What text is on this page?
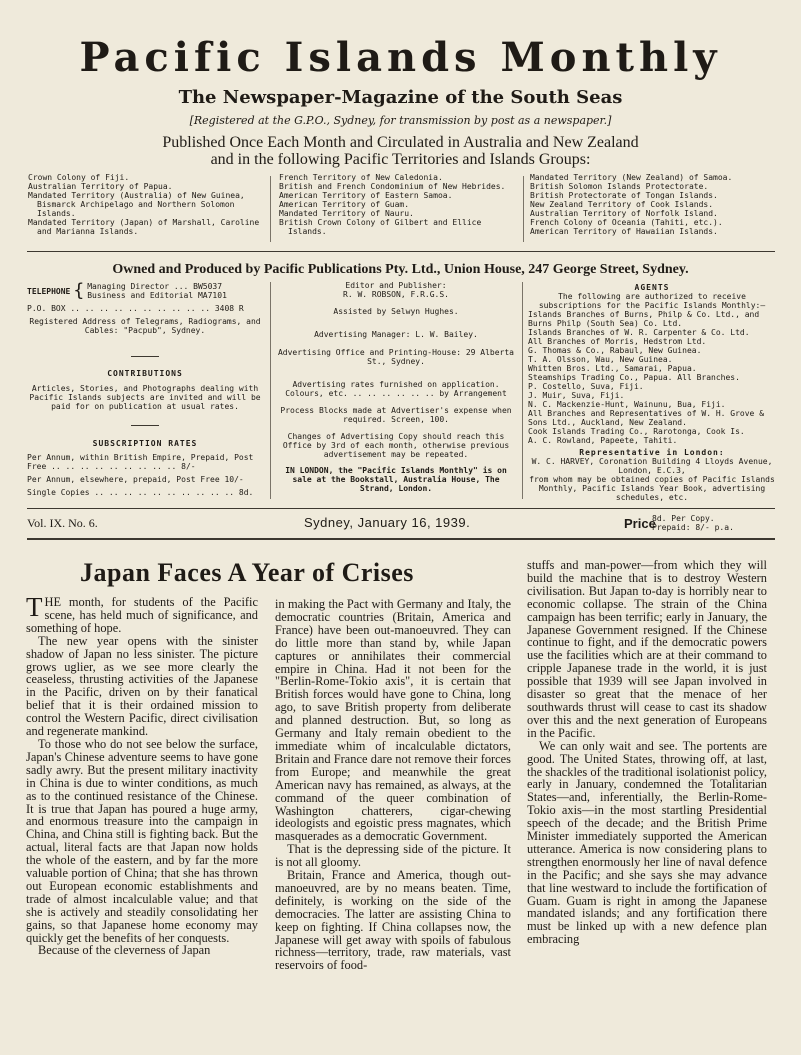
Pacific Islands Monthly
The Newspaper-Magazine of the South Seas
[Registered at the G.P.O., Sydney, for transmission by post as a newspaper.]
Published Once Each Month and Circulated in Australia and New Zealand
and in the following Pacific Territories and Islands Groups:
Crown Colony of Fiji.
Australian Territory of Papua.
Mandated Territory (Australia) of New Guinea, Bismarck Archipelago and Northern Solomon Islands.
Mandated Territory (Japan) of Marshall, Caroline and Marianna Islands.
French Territory of New Caledonia.
British and French Condominium of New Hebrides.
American Territory of Eastern Samoa.
American Territory of Guam.
Mandated Territory of Nauru.
British Crown Colony of Gilbert and Ellice Islands.
Mandated Territory (New Zealand) of Samoa.
British Solomon Islands Protectorate.
British Protectorate of Tongan Islands.
New Zealand Territory of Cook Islands.
Australian Territory of Norfolk Island.
French Colony of Oceania (Tahiti, etc.).
American Territory of Hawaiian Islands.
Owned and Produced by Pacific Publications Pty. Ltd., Union House, 247 George Street, Sydney.
TELEPHONE { Managing Director ... BW5037
Business and Editorial MA7101
P.O. BOX .. .. .. .. .. .. .. .. .. .. 3408 R
Registered Address of Telegrams, Radiograms, and Cables: "Pacpub", Sydney.
CONTRIBUTIONS
Articles, Stories, and Photographs dealing with Pacific Islands subjects are invited and will be paid for on publication at usual rates.
SUBSCRIPTION RATES
Per Annum, within British Empire, Prepaid, Post Free .. .. .. .. .. .. .. .. .. 8/-
Per Annum, elsewhere, prepaid, Post Free 10/-
Single Copies .. .. .. .. .. .. .. .. .. .. 8d.
Editor and Publisher:
R. W. ROBSON, F.R.G.S.
Assisted by Selwyn Hughes.
Advertising Manager: L. W. Bailey.
Advertising Office and Printing-House: 29 Alberta St., Sydney.
Advertising rates furnished on application.
Colours, etc. .. .. .. .. .. .. by Arrangement
Process Blocks made at Advertiser's expense when required. Screen, 100.
Changes of Advertising Copy should reach this Office by 3rd of each month, otherwise previous advertisement may be repeated.
IN LONDON, the "Pacific Islands Monthly" is on sale at the Bookstall, Australia House, The Strand, London.
AGENTS
The following are authorized to receive subscriptions for the Pacific Islands Monthly:—
Islands Branches of Burns, Philp & Co. Ltd., and Burns Philp (South Sea) Co. Ltd.
Islands Branches of W. R. Carpenter & Co. Ltd.
All Branches of Morris, Hedstrom Ltd.
G. Thomas & Co., Rabaul, New Guinea.
T. A. Olsson, Wau, New Guinea.
Whitten Bros. Ltd., Samarai, Papua.
Steamships Trading Co., Papua. All Branches.
P. Costello, Suva, Fiji.
J. Muir, Suva, Fiji.
N. C. Mackenzie-Hunt, Wainunu, Bua, Fiji.
All Branches and Representatives of W. H. Grove & Sons Ltd., Auckland, New Zealand.
Cook Islands Trading Co., Rarotonga, Cook Is.
A. C. Rowland, Papeete, Tahiti.
Representative in London:
W. C. HARVEY, Coronation Building 4 Lloyds Avenue, London, E.C.3,
from whom may be obtained copies of Pacific Islands Monthly, Pacific Islands Year Book, advertising schedules, etc.
Vol. IX. No. 6.	Sydney, January 16, 1939.	Price
8d. Per Copy.
Prepaid: 8/- p.a.
Japan Faces A Year of Crises

THE month, for students of the Pacific scene, has held much of significance, and something of hope.

The new year opens with the sinister shadow of Japan no less sinister. The picture grows uglier, as we see more clearly the ceaseless, thrusting activities of the Japanese in the Pacific, driven on by their fanatical belief that it is their ordained mission to control the Western Pacific, direct civilisation and regenerate mankind.

To those who do not see below the surface, Japan's Chinese adventure seems to have gone sadly awry. But the present military inactivity in China is due to winter conditions, as much as to the continued resistance of the Chinese. It is true that Japan has poured a huge army, and enormous treasure into the campaign in China, and China still is fighting back. But the actual, literal facts are that Japan now holds the whole of the eastern, and by far the more valuable portion of China; that she has thrown out European economic establishments and trade of almost incalculable value; and that she is actively and steadily consolidating her gains, so that Japanese home economy may quickly get the benefits of her conquests.

Because of the cleverness of Japan

in making the Pact with Germany and Italy, the democratic countries (Britain, America and France) have been out-manoeuvred. They can do little more than stand by, while Japan captures or annihilates their commercial empire in China. Had it not been for the "Berlin-Rome-Tokio axis", it is certain that British forces would have gone to China, long ago, to save British property from deliberate and planned destruction. But, so long as Germany and Italy remain obedient to the immediate whim of incalculable dictators, Britain and France dare not remove their forces from Europe; and meanwhile the great American navy has remained, as always, at the command of the queer combination of Washington chatterers, cigar-chewing ideologists and egoistic press magnates, which masquerades as a democratic Government.

That is the depressing side of the picture. It is not all gloomy.

Britain, France and America, though out-manoeuvred, are by no means beaten. Time, definitely, is working on the side of the democracies. The latter are assisting China to keep on fighting. If China collapses now, the Japanese will get away with spoils of fabulous richness—territory, trade, raw materials, vast reservoirs of food-

stuffs and man-power—from which they will build the machine that is to destroy Western civilisation. But Japan to-day is horribly near to economic collapse. The strain of the China campaign has been terrific; early in January, the Japanese Government resigned. If the Chinese continue to fight, and if the democratic powers use the facilities which are at their command to cripple Japanese trade in the world, it is just possible that 1939 will see Japan involved in disaster so great that the menace of her southwards thrust will cease to cast its shadow over this and the next generation of Europeans in the Pacific.

We can only wait and see. The portents are good. The United States, throwing off, at last, the shackles of the traditional isolationist policy, early in January, condemned the Totalitarian States—and, inferentially, the Berlin-Rome-Tokio axis—in the most startling Presidential speech of the decade; and the British Prime Minister immediately supported the American utterance. America is now considering plans to strengthen enormously her line of naval defence in the Pacific; and she says she may advance that line westward to include the fortification of Guam. Guam is right in among the Japanese mandated islands; and any fortification there must be linked up with a new defence plan embracing
